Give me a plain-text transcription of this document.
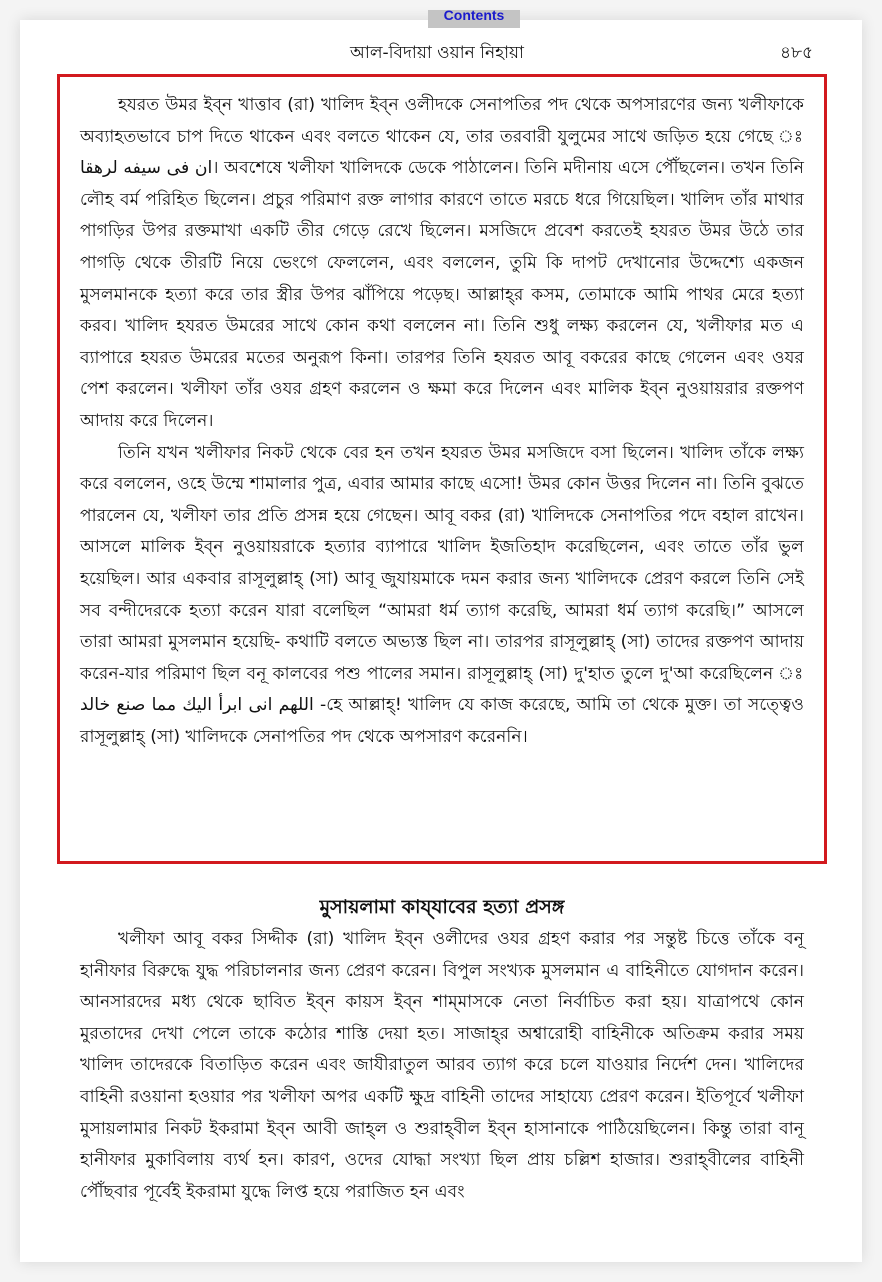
Contents
আল-বিদায়া ওয়ান নিহায়া	৪৮৫

হযরত উমর ইব্‌ন খাত্তাব (রা) খালিদ ইব্‌ন ওলীদকে সেনাপতির পদ থেকে অপসারণের জন্য খলীফাকে অব্যাহতভাবে চাপ দিতে থাকেন এবং বলতে থাকেন যে, তার তরবারী যুলুমের সাথে জড়িত হয়ে গেছে ঃ ان فى سيفه لرهقا। অবশেষে খলীফা খালিদকে ডেকে পাঠালেন। তিনি মদীনায় এসে পৌঁছলেন। তখন তিনি লৌহ বর্ম পরিহিত ছিলেন। প্রচুর পরিমাণ রক্ত লাগার কারণে তাতে মরচে ধরে গিয়েছিল। খালিদ তাঁর মাথার পাগড়ির উপর রক্তমাখা একটি তীর গেড়ে রেখে ছিলেন। মসজিদে প্রবেশ করতেই হযরত উমর উঠে তার পাগড়ি থেকে তীরটি নিয়ে ভেংগে ফেললেন, এবং বললেন, তুমি কি দাপট দেখানোর উদ্দেশ্যে একজন মুসলমানকে হত্যা করে তার স্ত্রীর উপর ঝাঁপিয়ে পড়েছ। আল্লাহ্‌র কসম, তোমাকে আমি পাথর মেরে হত্যা করব। খালিদ হযরত উমরের সাথে কোন কথা বললেন না। তিনি শুধু লক্ষ্য করলেন যে, খলীফার মত এ ব্যাপারে হযরত উমরের মতের অনুরূপ কিনা। তারপর তিনি হযরত আবূ বকরের কাছে গেলেন এবং ওযর পেশ করলেন। খলীফা তাঁর ওযর গ্রহণ করলেন ও ক্ষমা করে দিলেন এবং মালিক ইব্‌ন নুওয়ায়রার রক্তপণ আদায় করে দিলেন।

তিনি যখন খলীফার নিকট থেকে বের হন তখন হযরত উমর মসজিদে বসা ছিলেন। খালিদ তাঁকে লক্ষ্য করে বললেন, ওহে উম্মে শামালার পুত্র, এবার আমার কাছে এসো! উমর কোন উত্তর দিলেন না। তিনি বুঝতে পারলেন যে, খলীফা তার প্রতি প্রসন্ন হয়ে গেছেন। আবূ বকর (রা) খালিদকে সেনাপতির পদে বহাল রাখেন। আসলে মালিক ইব্‌ন নুওয়ায়রাকে হত্যার ব্যাপারে খালিদ ইজতিহাদ করেছিলেন, এবং তাতে তাঁর ভুল হয়েছিল। আর একবার রাসূলুল্লাহ্ (সা) আবূ জুযায়মাকে দমন করার জন্য খালিদকে প্রেরণ করলে তিনি সেই সব বন্দীদেরকে হত্যা করেন যারা বলেছিল “আমরা ধর্ম ত্যাগ করেছি, আমরা ধর্ম ত্যাগ করেছি।” আসলে তারা আমরা মুসলমান হয়েছি- কথাটি বলতে অভ্যস্ত ছিল না। তারপর রাসূলুল্লাহ্ (সা) তাদের রক্তপণ আদায় করেন-যার পরিমাণ ছিল বনূ কালবের পশু পালের সমান। রাসূলুল্লাহ্ (সা) দু'হাত তুলে দু'আ করেছিলেন ঃ اللهم انى ابرأ اليك مما صنع خالد -হে আল্লাহ্! খালিদ যে কাজ করেছে, আমি তা থেকে মুক্ত। তা সত্ত্বেও রাসূলুল্লাহ্ (সা) খালিদকে সেনাপতির পদ থেকে অপসারণ করেননি।

মুসায়লামা কায্‌যাবের হত্যা প্রসঙ্গ

খলীফা আবূ বকর সিদ্দীক (রা) খালিদ ইব্‌ন ওলীদের ওযর গ্রহণ করার পর সন্তুষ্ট চিত্তে তাঁকে বনূ হানীফার বিরুদ্ধে যুদ্ধ পরিচালনার জন্য প্রেরণ করেন। বিপুল সংখ্যক মুসলমান এ বাহিনীতে যোগদান করেন। আনসারদের মধ্য থেকে ছাবিত ইব্‌ন কায়স ইব্‌ন শাম্‌মাসকে নেতা নির্বাচিত করা হয়। যাত্রাপথে কোন মুরতাদের দেখা পেলে তাকে কঠোর শাস্তি দেয়া হত। সাজাহ্‌র অশ্বারোহী বাহিনীকে অতিক্রম করার সময় খালিদ তাদেরকে বিতাড়িত করেন এবং জাযীরাতুল আরব ত্যাগ করে চলে যাওয়ার নির্দেশ দেন। খালিদের বাহিনী রওয়ানা হওয়ার পর খলীফা অপর একটি ক্ষুদ্র বাহিনী তাদের সাহায্যে প্রেরণ করেন। ইতিপূর্বে খলীফা মুসায়লামার নিকট ইকরামা ইব্‌ন আবী জাহ্‌ল ও শুরাহ্‌বীল ইব্‌ন হাসানাকে পাঠিয়েছিলেন। কিন্তু তারা বানূ হানীফার মুকাবিলায় ব্যর্থ হন। কারণ, ওদের যোদ্ধা সংখ্যা ছিল প্রায় চল্লিশ হাজার। শুরাহ্‌বীলের বাহিনী পৌঁছবার পূর্বেই ইকরামা যুদ্ধে লিপ্ত হয়ে পরাজিত হন এবং
